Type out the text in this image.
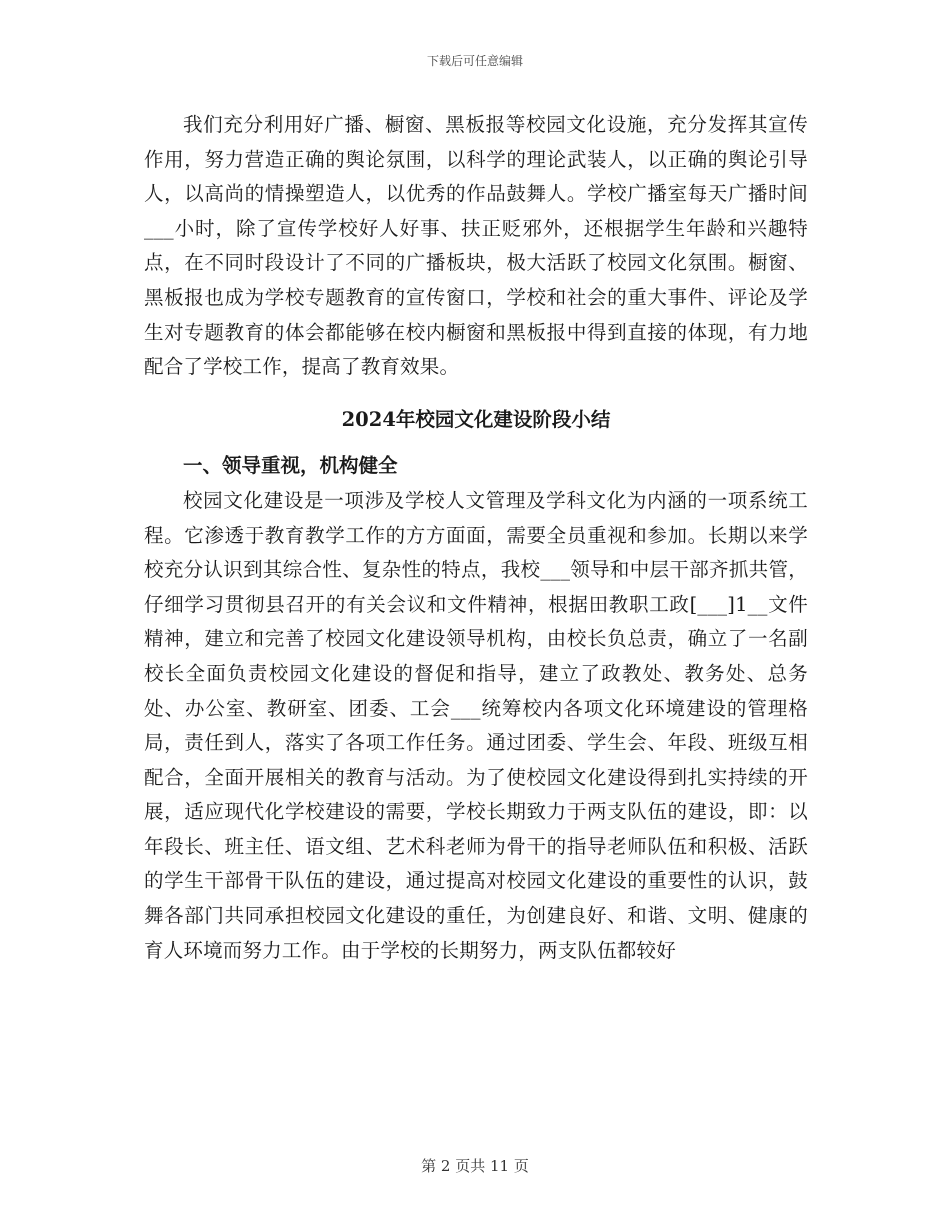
下载后可任意编辑

我们充分利用好广播、橱窗、黑板报等校园文化设施，充分发挥其宣传作用，努力营造正确的舆论氛围，以科学的理论武装人，以正确的舆论引导人，以高尚的情操塑造人，以优秀的作品鼓舞人。学校广播室每天广播时间___小时，除了宣传学校好人好事、扶正贬邪外，还根据学生年龄和兴趣特点，在不同时段设计了不同的广播板块，极大活跃了校园文化氛围。橱窗、黑板报也成为学校专题教育的宣传窗口，学校和社会的重大事件、评论及学生对专题教育的体会都能够在校内橱窗和黑板报中得到直接的体现，有力地配合了学校工作，提高了教育效果。

2024年校园文化建设阶段小结
一、领导重视，机构健全

校园文化建设是一项涉及学校人文管理及学科文化为内涵的一项系统工程。它渗透于教育教学工作的方方面面，需要全员重视和参加。长期以来学校充分认识到其综合性、复杂性的特点，我校___领导和中层干部齐抓共管，仔细学习贯彻县召开的有关会议和文件精神，根据田教职工政[___]1__文件精神，建立和完善了校园文化建设领导机构，由校长负总责，确立了一名副校长全面负责校园文化建设的督促和指导，建立了政教处、教务处、总务处、办公室、教研室、团委、工会___统筹校内各项文化环境建设的管理格局，责任到人，落实了各项工作任务。通过团委、学生会、年段、班级互相配合，全面开展相关的教育与活动。为了使校园文化建设得到扎实持续的开展，适应现代化学校建设的需要，学校长期致力于两支队伍的建设，即：以年段长、班主任、语文组、艺术科老师为骨干的指导老师队伍和积极、活跃的学生干部骨干队伍的建设，通过提高对校园文化建设的重要性的认识，鼓舞各部门共同承担校园文化建设的重任，为创建良好、和谐、文明、健康的育人环境而努力工作。由于学校的长期努力，两支队伍都较好

第 2 页共 11 页
